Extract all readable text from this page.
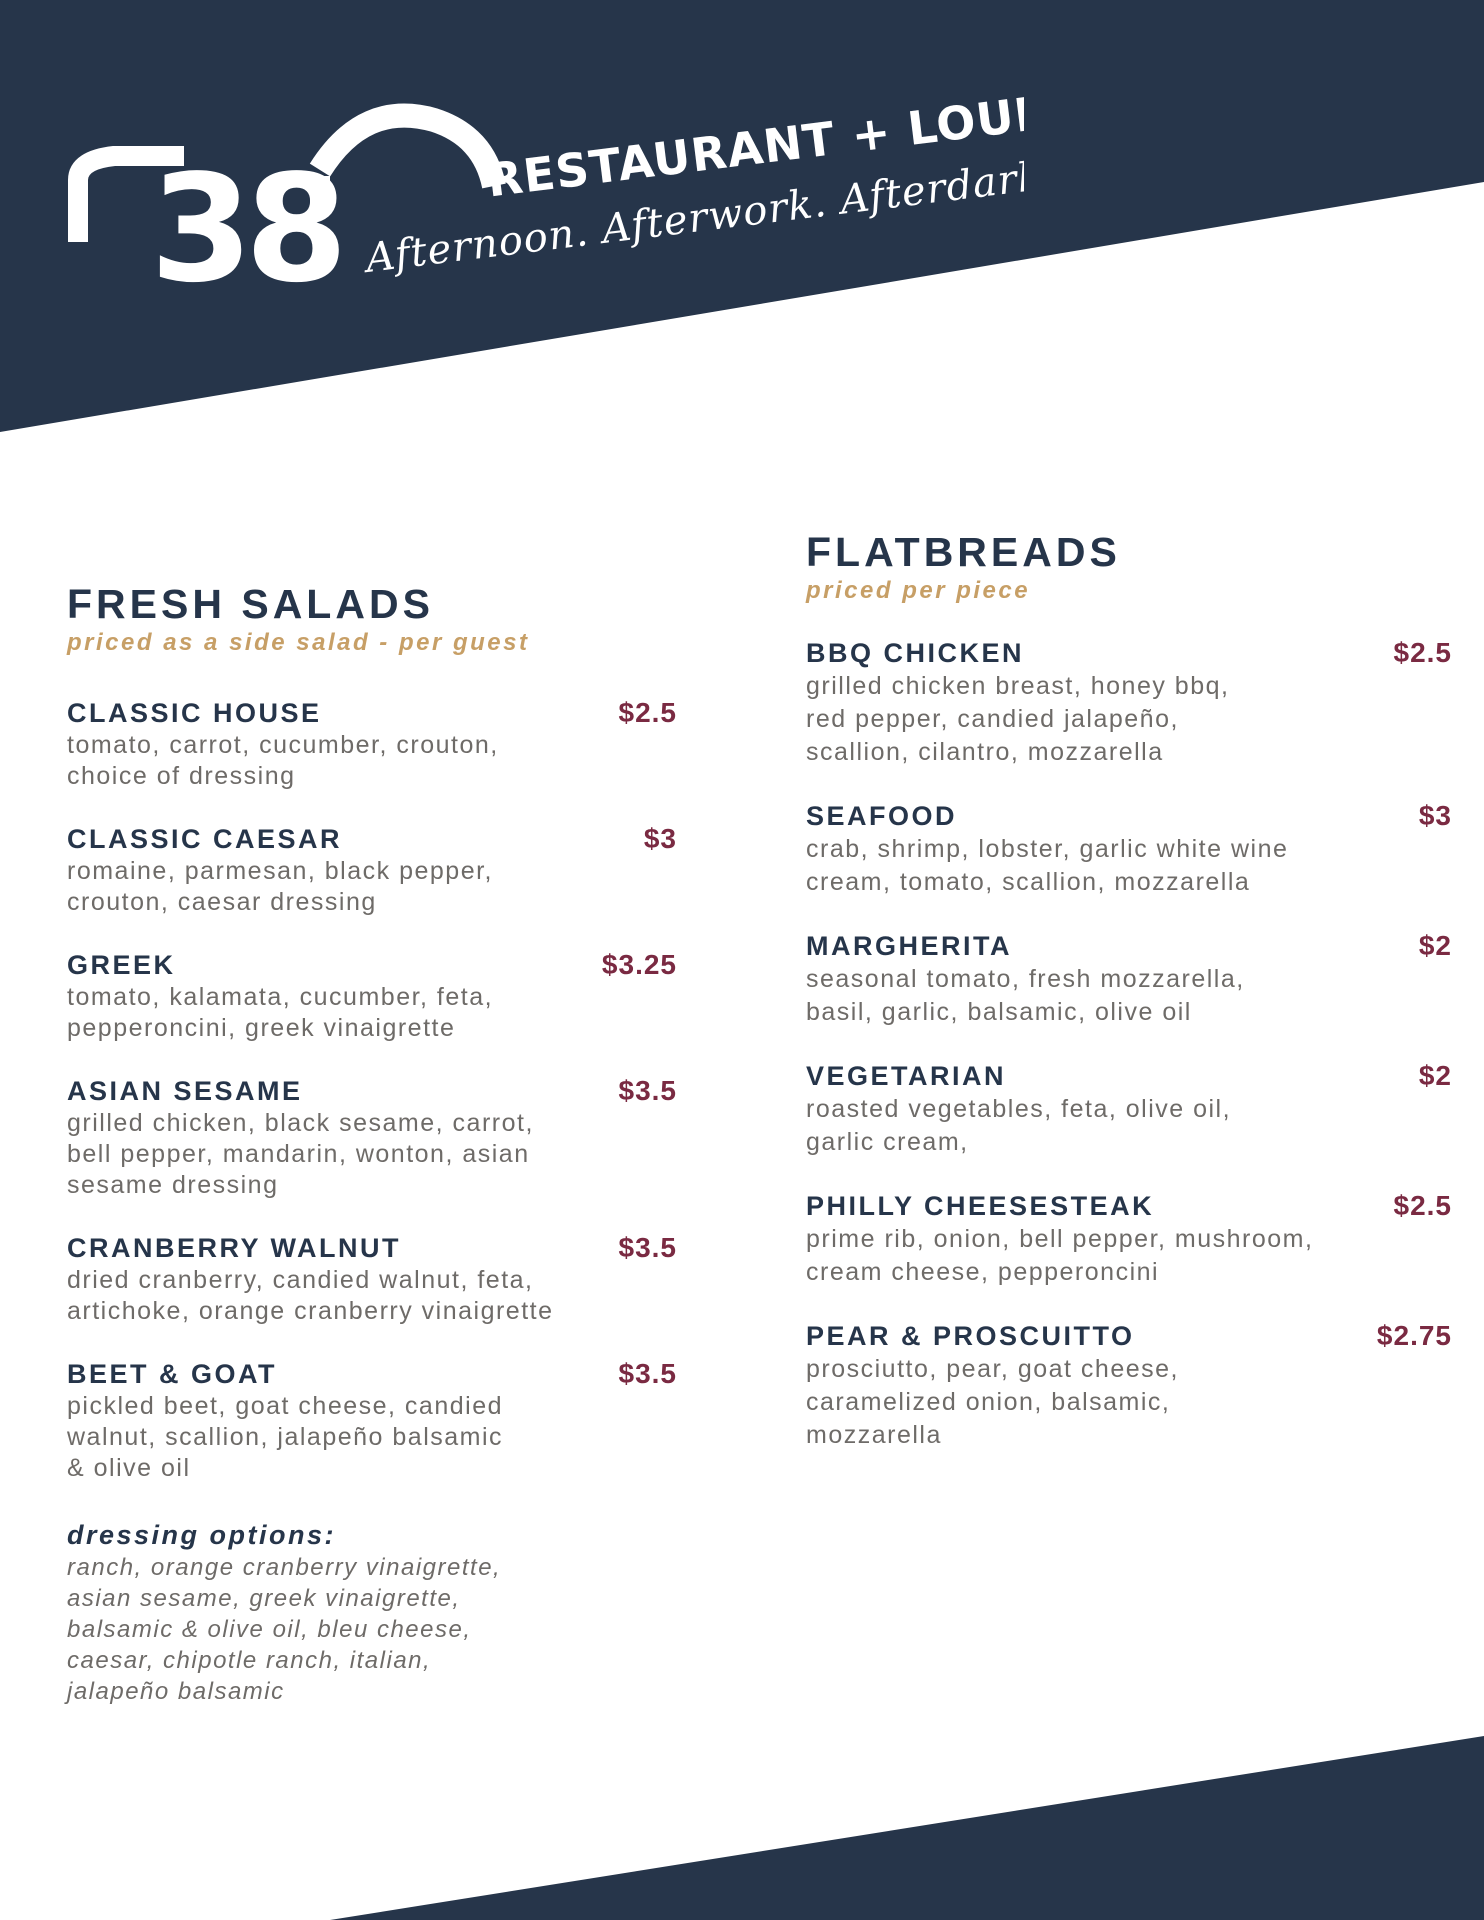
38	RESTAURANT + LOUNGE
Afternoon. Afterwork. Afterdark.
FRESH SALADS

priced as a side salad - per guest

CLASSIC HOUSE	$2.5

tomato, carrot, cucumber, crouton,

choice of dressing

CLASSIC CAESAR	$3

romaine, parmesan, black pepper,

crouton, caesar dressing

GREEK	$3.25

tomato, kalamata, cucumber, feta,

pepperoncini, greek vinaigrette

ASIAN SESAME	$3.5

grilled chicken, black sesame, carrot,

bell pepper, mandarin, wonton, asian

sesame dressing

CRANBERRY WALNUT	$3.5

dried cranberry, candied walnut, feta,

artichoke, orange cranberry vinaigrette

BEET & GOAT	$3.5

pickled beet, goat cheese, candied

walnut, scallion, jalapeño balsamic

& olive oil

dressing options:

ranch, orange cranberry vinaigrette,

asian sesame, greek vinaigrette,

balsamic & olive oil, bleu cheese,

caesar, chipotle ranch, italian,

jalapeño balsamic

FLATBREADS

priced per piece

BBQ CHICKEN	$2.5

grilled chicken breast, honey bbq,

red pepper, candied jalapeño,

scallion, cilantro, mozzarella

SEAFOOD	$3

crab, shrimp, lobster, garlic white wine

cream, tomato, scallion, mozzarella

MARGHERITA	$2

seasonal tomato, fresh mozzarella,

basil, garlic, balsamic, olive oil

VEGETARIAN	$2

roasted vegetables, feta, olive oil,

garlic cream,

PHILLY CHEESESTEAK	$2.5

prime rib, onion, bell pepper, mushroom,

cream cheese, pepperoncini

PEAR & PROSCUITTO	$2.75

prosciutto, pear, goat cheese,

caramelized onion, balsamic,

mozzarella
